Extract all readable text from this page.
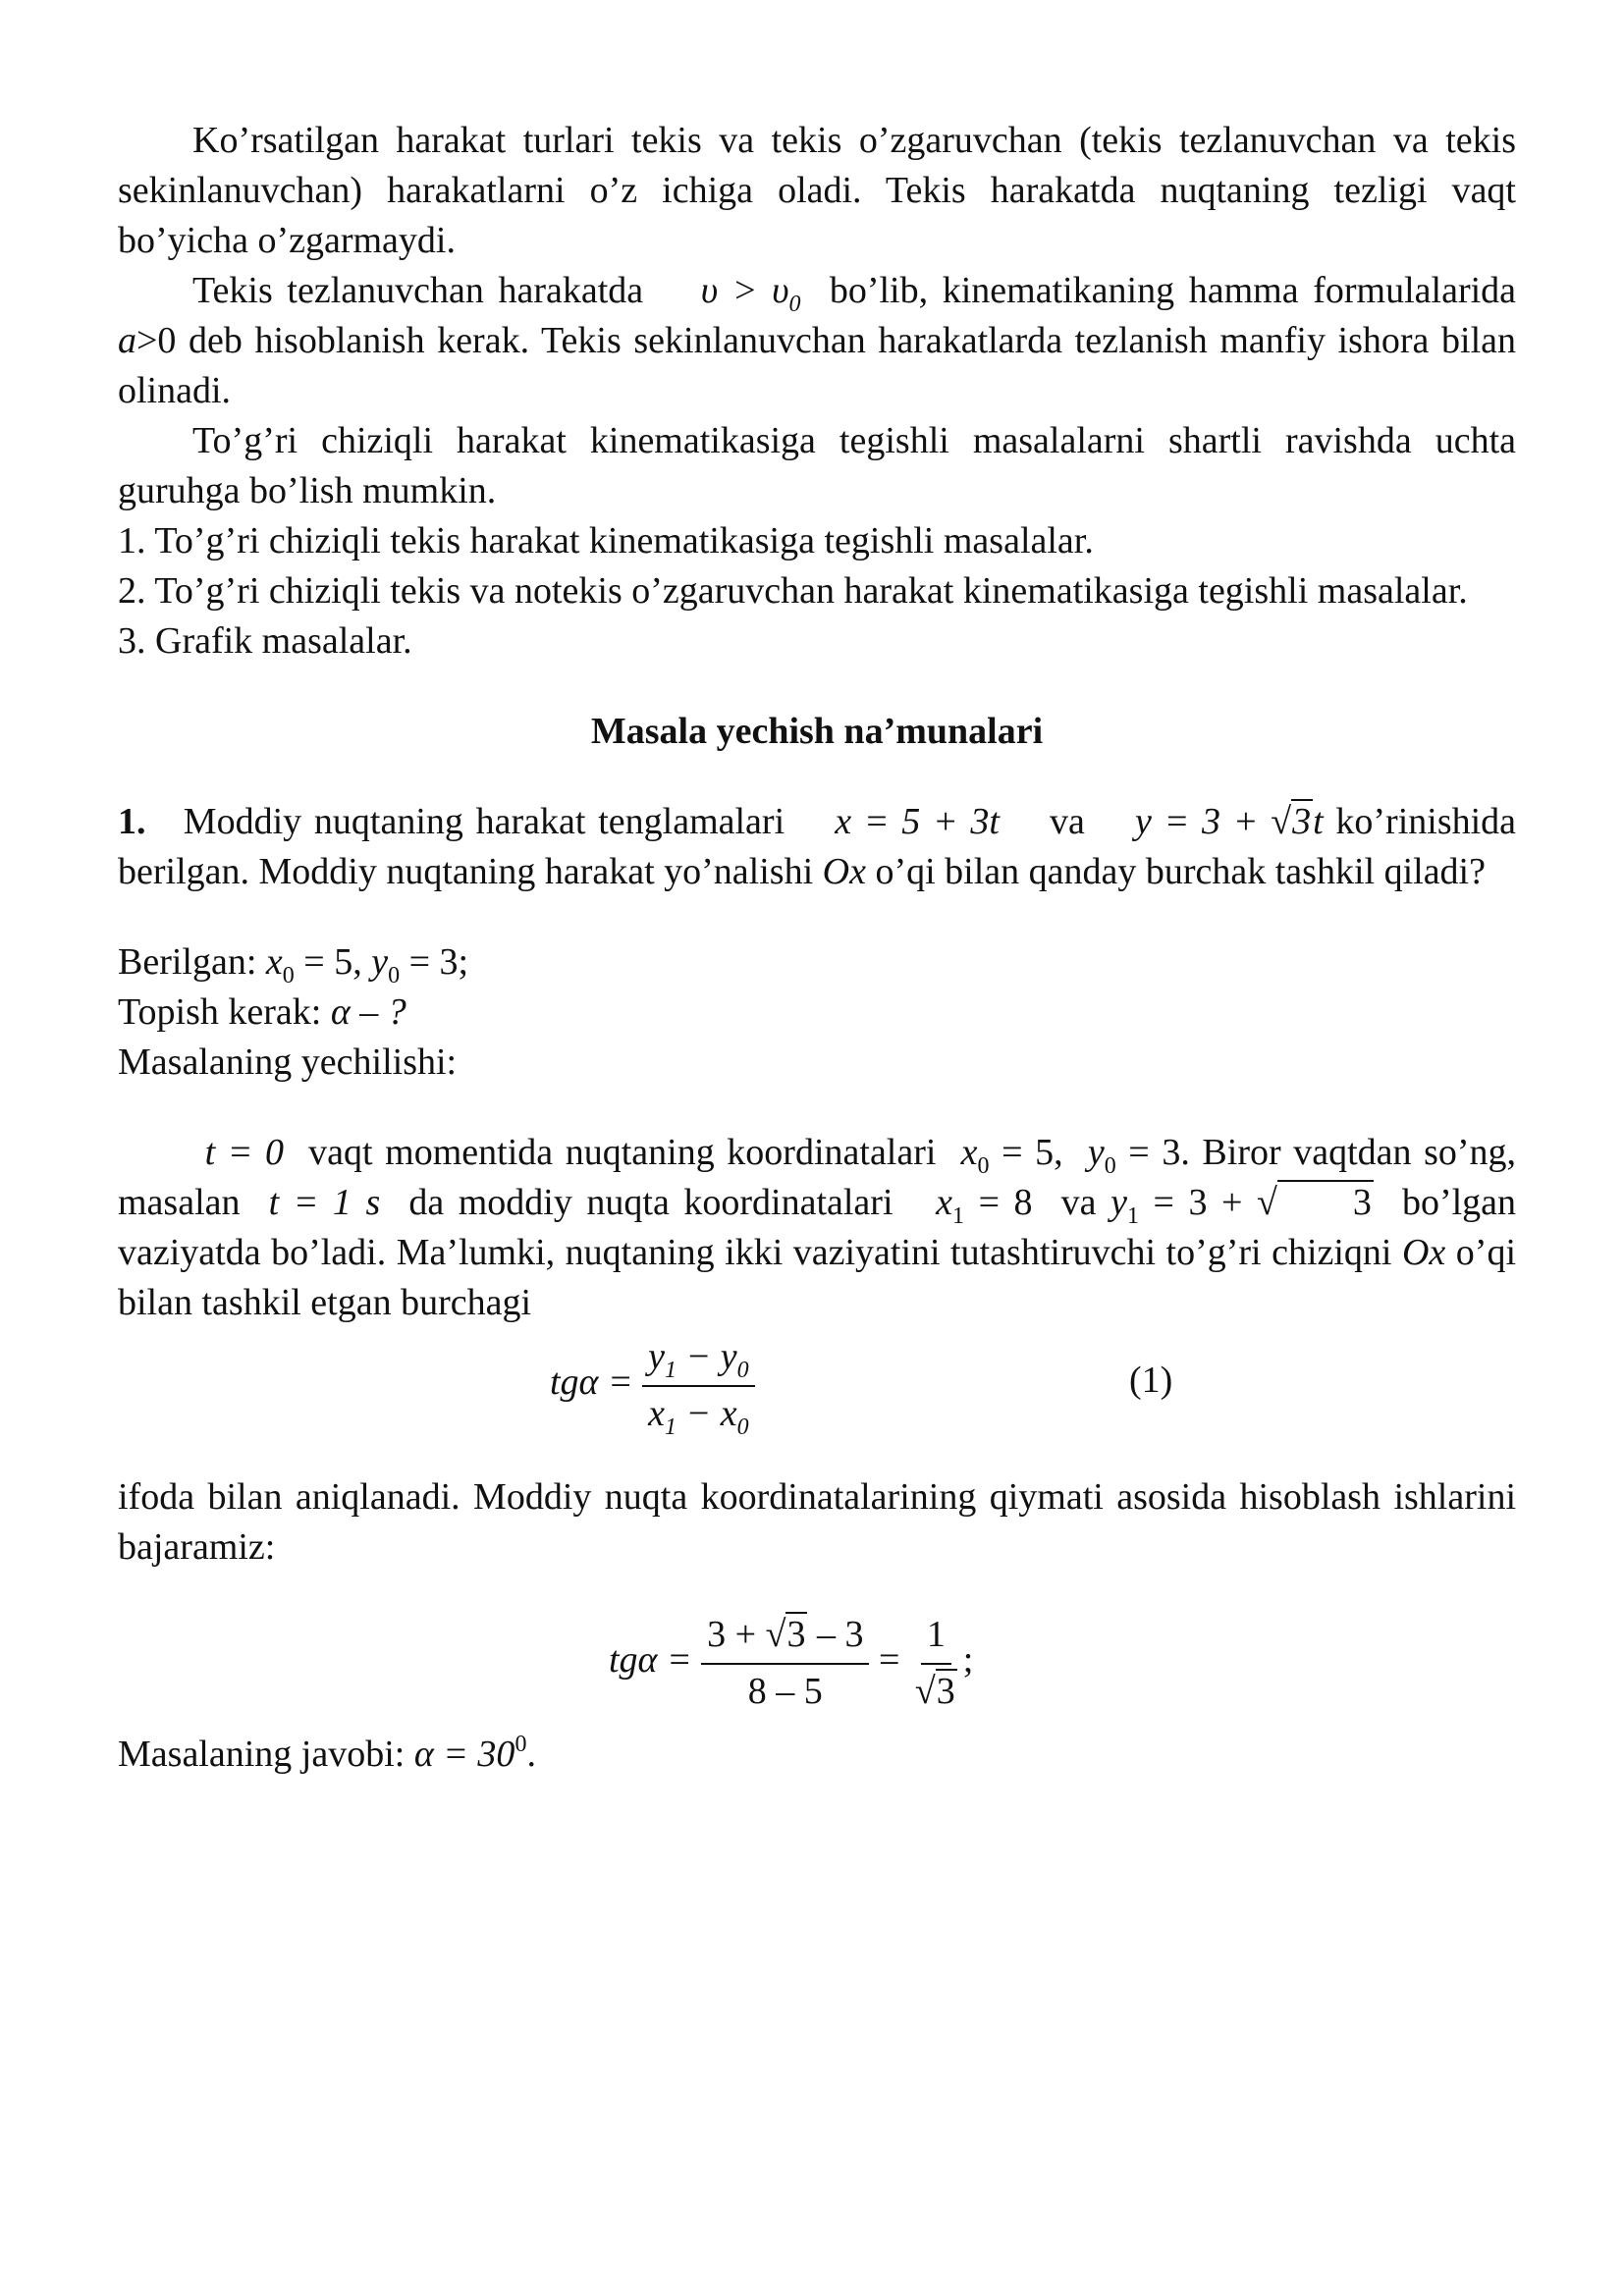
Ko’rsatilgan harakat turlari tekis va tekis o’zgaruvchan (tekis tezlanuvchan va tekis sekinlanuvchan) harakatlarni o’z ichiga oladi. Tekis harakatda nuqtaning tezligi vaqt bo’yicha o’zgarmaydi.

Tekis tezlanuvchan harakatda $\upsilon > \upsilon_0$ bo’lib, kinematikaning hamma formulalarida a>0 deb hisoblanish kerak. Tekis sekinlanuvchan harakatlarda tezlanish manfiy ishora bilan olinadi.

To’g’ri chiziqli harakat kinematikasiga tegishli masalalarni shartli ravishda uchta guruhga bo’lish mumkin.

1. To’g’ri chiziqli tekis harakat kinematikasiga tegishli masalalar.

2. To’g’ri chiziqli tekis va notekis o’zgaruvchan harakat kinematikasiga tegishli masalalar.

3. Grafik masalalar.

Masala yechish na’munalari

1. Moddiy nuqtaning harakat tenglamalari x = 5 + 3t va y = 3 + √3t ko’rinishida berilgan. Moddiy nuqtaning harakat yo’nalishi Ox o’qi bilan qanday burchak tashkil qiladi?

Berilgan: $x_0 = 5$, $y_0 = 3$;

Topish kerak: α – ?

Masalaning yechilishi:

t = 0 vaqt momentida nuqtaning koordinatalari $x_0 = 5$, $y_0 = 3$. Biror vaqtdan so’ng, masalan t = 1 s da moddiy nuqta koordinatalari $x_1 = 8$ va $y_1 = 3$ + √ 3 bo’lgan vaziyatda bo’ladi. Ma’lumki, nuqtaning ikki vaziyatini tutashtiruvchi to’g’ri chiziqni Ox o’qi bilan tashkil etgan burchagi

$tg\alpha = \frac{y_1 - y_0}{x_1 - x_0}$	(1)

ifoda bilan aniqlanadi. Moddiy nuqta koordinatalarining qiymati asosida hisoblash ishlarini bajaramiz:

$tg\alpha = \frac{3 + √3 - 3}{8 - 5} = \frac{1}{√3}$ ;

Masalaning javobi: $\alpha = 30^0$.
